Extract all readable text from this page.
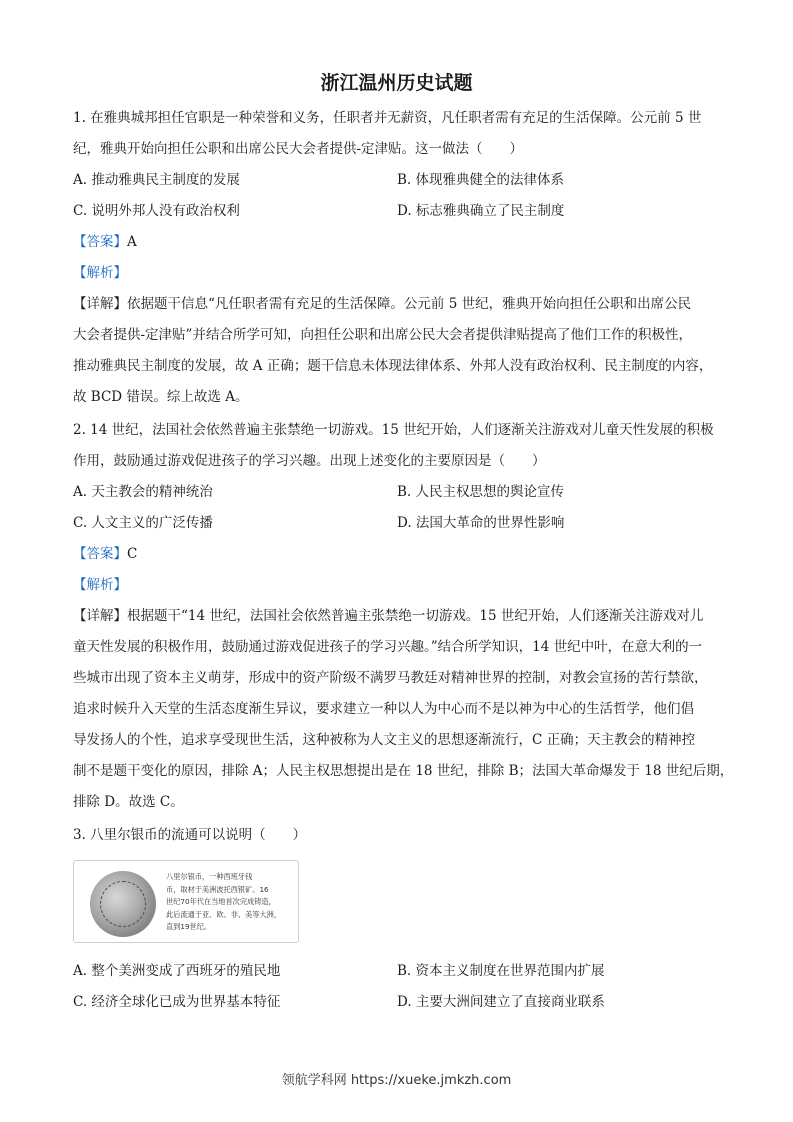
浙江温州历史试题
1. 在雅典城邦担任官职是一种荣誉和义务，任职者并无薪资，凡任职者需有充足的生活保障。公元前 5 世
纪，雅典开始向担任公职和出席公民大会者提供-定津贴。这一做法（　　）
A. 推动雅典民主制度的发展	B. 体现雅典健全的法律体系
C. 说明外邦人没有政治权利	D. 标志雅典确立了民主制度
【答案】A
【解析】
【详解】依据题干信息“凡任职者需有充足的生活保障。公元前 5 世纪，雅典开始向担任公职和出席公民
大会者提供-定津贴”并结合所学可知，向担任公职和出席公民大会者提供津贴提高了他们工作的积极性，
推动雅典民主制度的发展，故 A 正确；题干信息未体现法律体系、外邦人没有政治权利、民主制度的内容，
故 BCD 错误。综上故选 A。
2. 14 世纪，法国社会依然普遍主张禁绝一切游戏。15 世纪开始，人们逐渐关注游戏对儿童天性发展的积极
作用，鼓励通过游戏促进孩子的学习兴趣。出现上述变化的主要原因是（　　）
A. 天主教会的精神统治	B. 人民主权思想的舆论宣传
C. 人文主义的广泛传播	D. 法国大革命的世界性影响
【答案】C
【解析】
【详解】根据题干“14 世纪，法国社会依然普遍主张禁绝一切游戏。15 世纪开始，人们逐渐关注游戏对儿
童天性发展的积极作用，鼓励通过游戏促进孩子的学习兴趣。”结合所学知识，14 世纪中叶，在意大利的一
些城市出现了资本主义萌芽，形成中的资产阶级不满罗马教廷对精神世界的控制，对教会宣扬的苦行禁欲，
追求时候升入天堂的生活态度渐生异议，要求建立一种以人为中心而不是以神为中心的生活哲学，他们倡
导发扬人的个性，追求享受现世生活，这种被称为人文主义的思想逐渐流行，C 正确；天主教会的精神控
制不是题干变化的原因，排除 A；人民主权思想提出是在 18 世纪，排除 B；法国大革命爆发于 18 世纪后期，
排除 D。故选 C。
3. 八里尔银币的流通可以说明（　　）
八里尔银币，一种西班牙钱
币，取材于美洲波托西银矿。16
世纪70年代在当地首次完成铸造，
此后流通于亚、欧、非、美等大洲，
直到19世纪。
A. 整个美洲变成了西班牙的殖民地	B. 资本主义制度在世界范围内扩展
C. 经济全球化已成为世界基本特征	D. 主要大洲间建立了直接商业联系
领航学科网 https://xueke.jmkzh.com
